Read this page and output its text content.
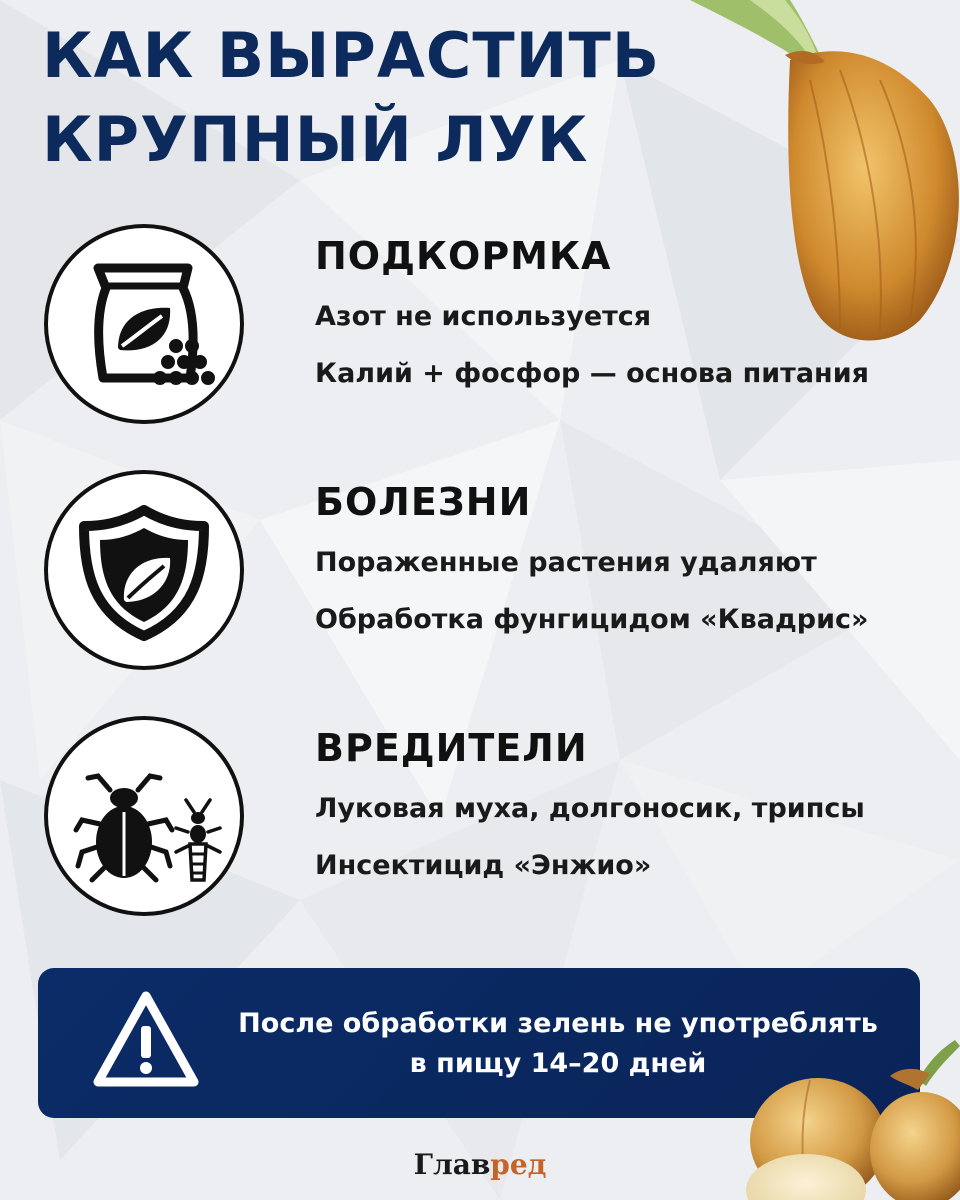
КАК ВЫРАСТИТЬ
КРУПНЫЙ ЛУК
ПОДКОРМКА
Азот не используется
Калий + фосфор — основа питания
БОЛЕЗНИ
Пораженные растения удаляют
Обработка фунгицидом «Квадрис»
ВРЕДИТЕЛИ
Луковая муха, долгоносик, трипсы
Инсектицид «Энжио»
После обработки зелень не употреблять
в пищу 14–20 дней
Главред
